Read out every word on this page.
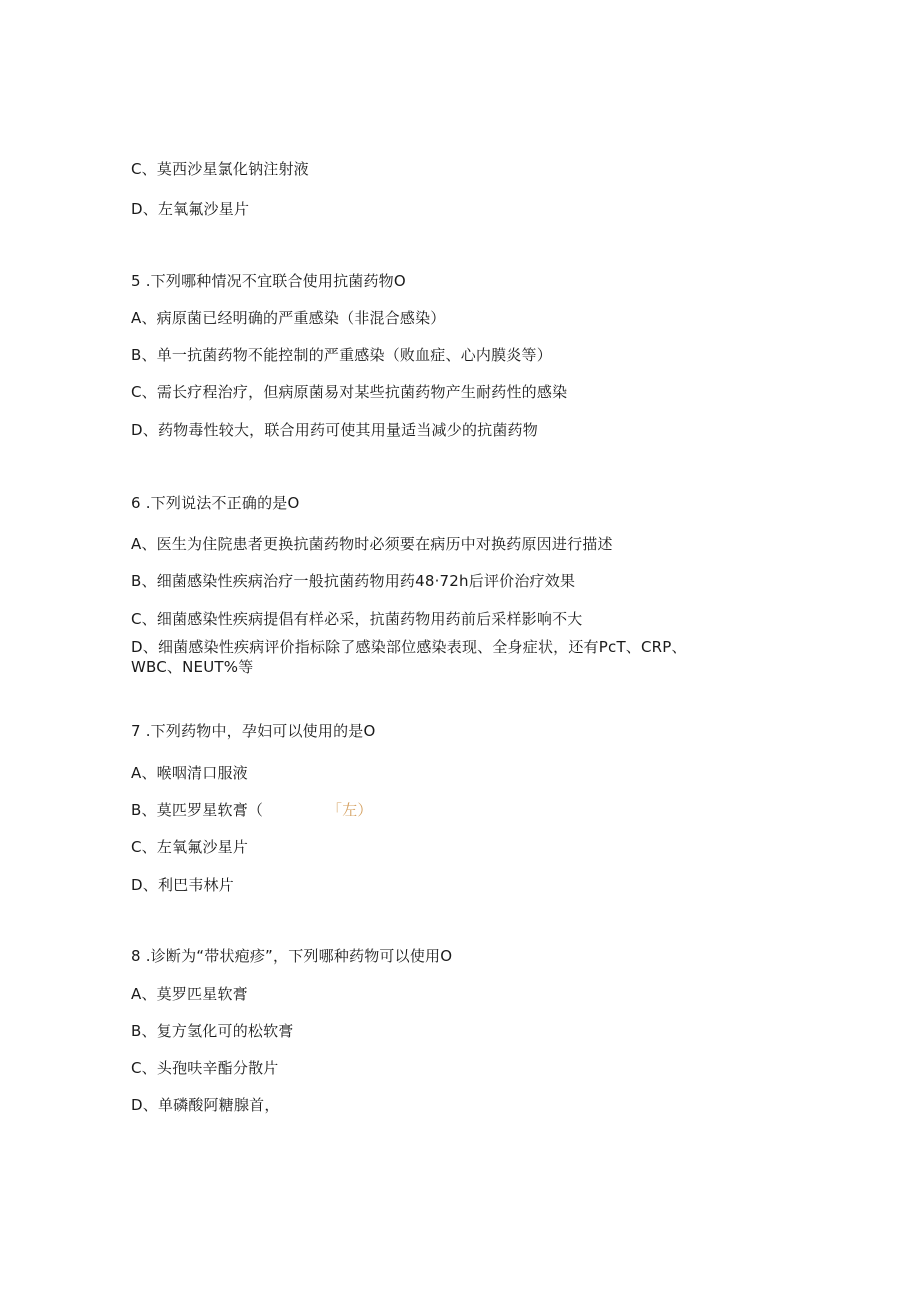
C、莫西沙星氯化钠注射液
D、左氧氟沙星片
5 .下列哪种情况不宜联合使用抗菌药物O
A、病原菌已经明确的严重感染（非混合感染）
B、单一抗菌药物不能控制的严重感染（败血症、心内膜炎等）
C、需长疗程治疗，但病原菌易对某些抗菌药物产生耐药性的感染
D、药物毒性较大，联合用药可使其用量适当减少的抗菌药物
6 .下列说法不正确的是O
A、医生为住院患者更换抗菌药物时必须要在病历中对换药原因进行描述
B、细菌感染性疾病治疗一般抗菌药物用药48·72h后评价治疗效果
C、细菌感染性疾病提倡有样必采，抗菌药物用药前后采样影响不大
D、细菌感染性疾病评价指标除了感染部位感染表现、全身症状，还有PcT、CRP、
WBC、NEUT%等
7 .下列药物中，孕妇可以使用的是O
A、喉咽清口服液
B、莫匹罗星软膏（	「左）
C、左氧氟沙星片
D、利巴韦林片
8 .诊断为“带状疱疹”，下列哪种药物可以使用O
A、莫罗匹星软膏
B、复方氢化可的松软膏
C、头孢呋辛酯分散片
D、单磷酸阿糖腺首，
